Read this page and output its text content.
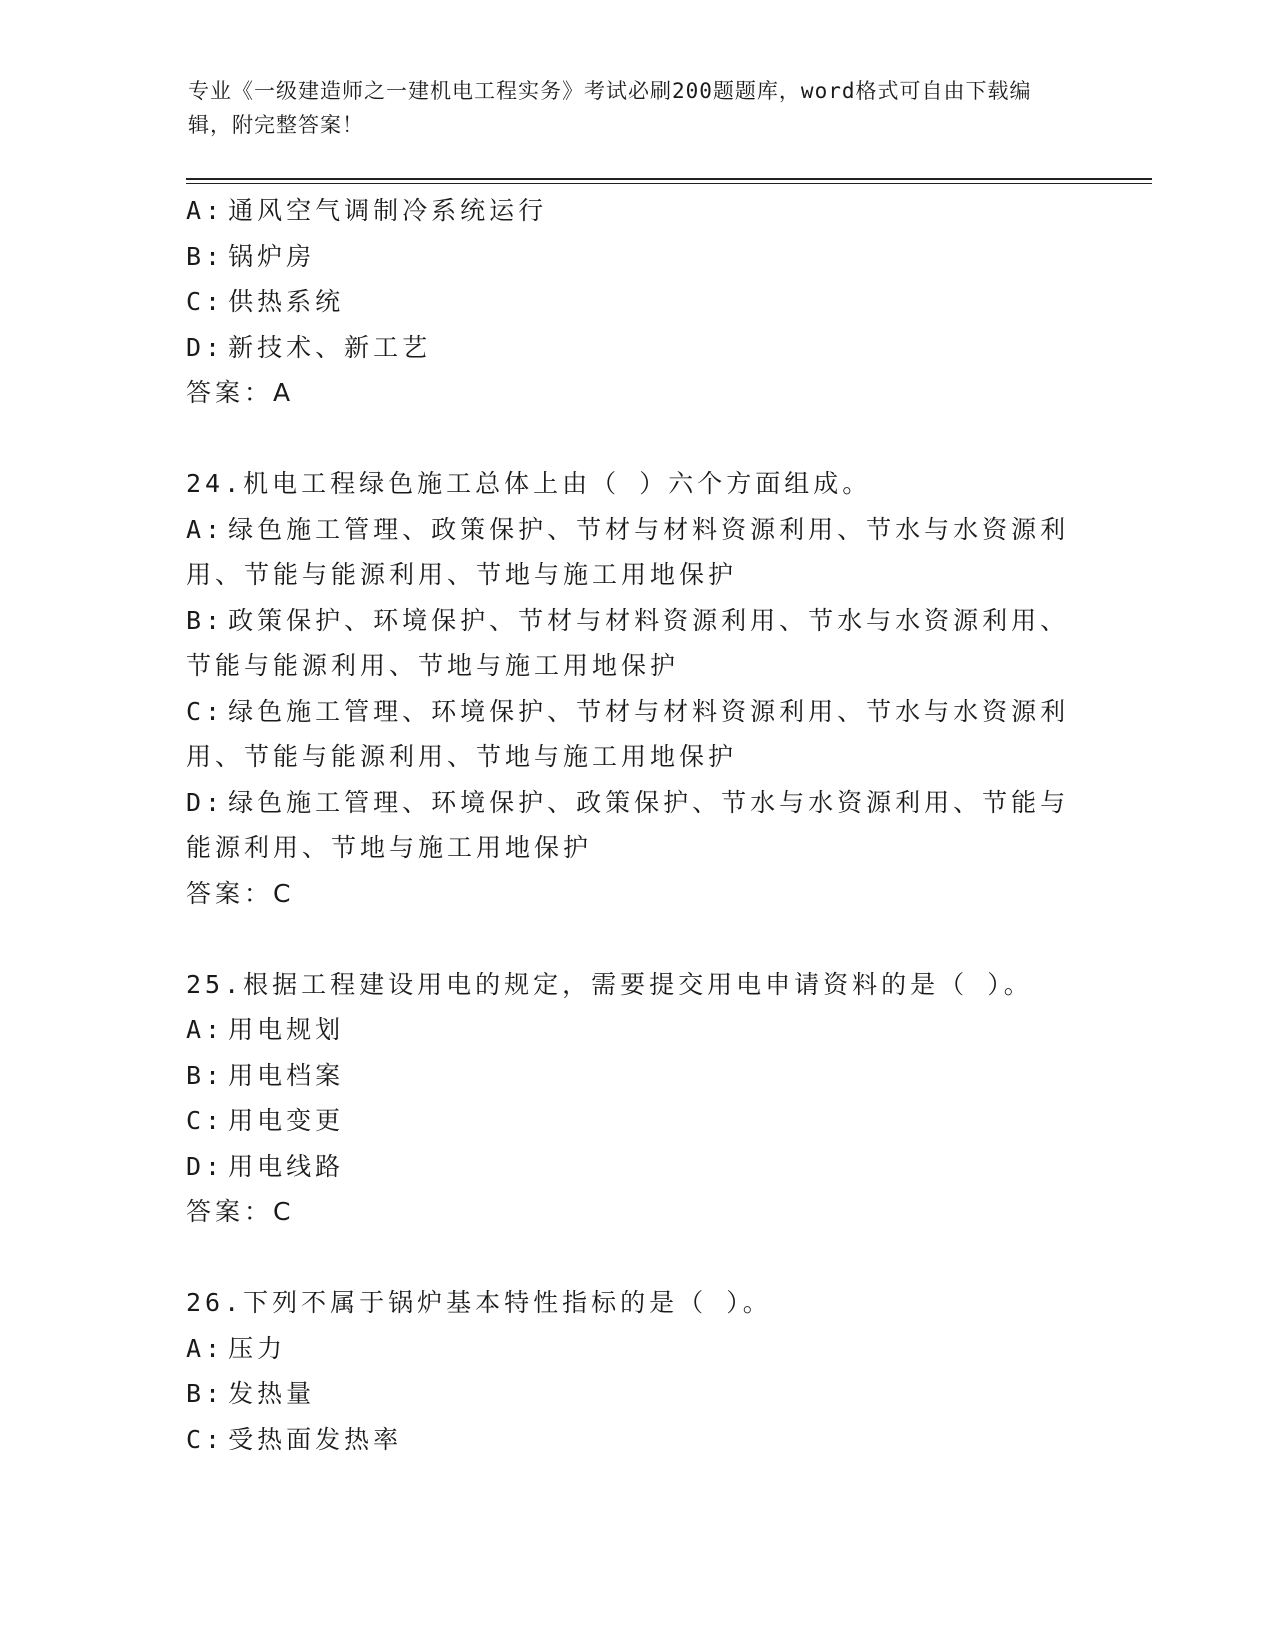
专业《一级建造师之一建机电工程实务》考试必刷200题题库，word格式可自由下载编辑，附完整答案！
A: 通风空气调制冷系统运行
B: 锅炉房
C: 供热系统
D: 新技术、新工艺
答案：A
24.机电工程绿色施工总体上由（ ）六个方面组成。
A: 绿色施工管理、政策保护、节材与材料资源利用、节水与水资源利
用、节能与能源利用、节地与施工用地保护
B: 政策保护、环境保护、节材与材料资源利用、节水与水资源利用、
节能与能源利用、节地与施工用地保护
C: 绿色施工管理、环境保护、节材与材料资源利用、节水与水资源利
用、节能与能源利用、节地与施工用地保护
D: 绿色施工管理、环境保护、政策保护、节水与水资源利用、节能与
能源利用、节地与施工用地保护
答案：C
25.根据工程建设用电的规定，需要提交用电申请资料的是（ ）。
A: 用电规划
B: 用电档案
C: 用电变更
D: 用电线路
答案：C
26.下列不属于锅炉基本特性指标的是（ ）。
A: 压力
B: 发热量
C: 受热面发热率
